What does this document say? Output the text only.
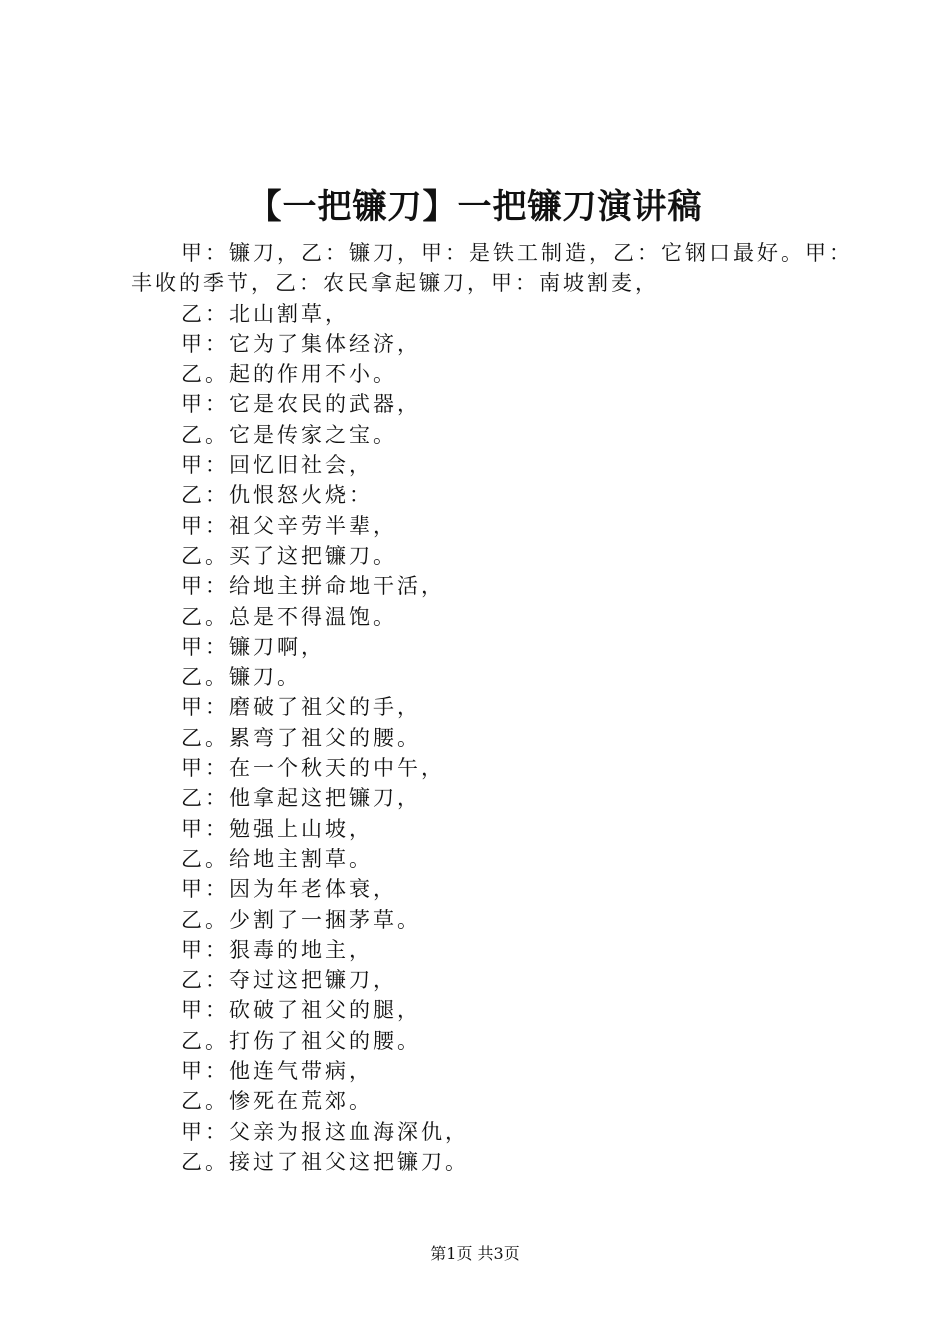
【一把镰刀】一把镰刀演讲稿

甲：镰刀，乙：镰刀，甲：是铁工制造，乙：它钢口最好。甲：丰收的季节，乙：农民拿起镰刀，甲：南坡割麦，

乙：北山割草，

甲：它为了集体经济，

乙。起的作用不小。

甲：它是农民的武器，

乙。它是传家之宝。

甲：回忆旧社会，

乙：仇恨怒火烧：

甲：祖父辛劳半辈，

乙。买了这把镰刀。

甲：给地主拼命地干活，

乙。总是不得温饱。

甲：镰刀啊，

乙。镰刀。

甲：磨破了祖父的手，

乙。累弯了祖父的腰。

甲：在一个秋天的中午，

乙：他拿起这把镰刀，

甲：勉强上山坡，

乙。给地主割草。

甲：因为年老体衰，

乙。少割了一捆茅草。

甲：狠毒的地主，

乙：夺过这把镰刀，

甲：砍破了祖父的腿，

乙。打伤了祖父的腰。

甲：他连气带病，

乙。惨死在荒郊。

甲：父亲为报这血海深仇，

乙。接过了祖父这把镰刀。

第1页 共3页
